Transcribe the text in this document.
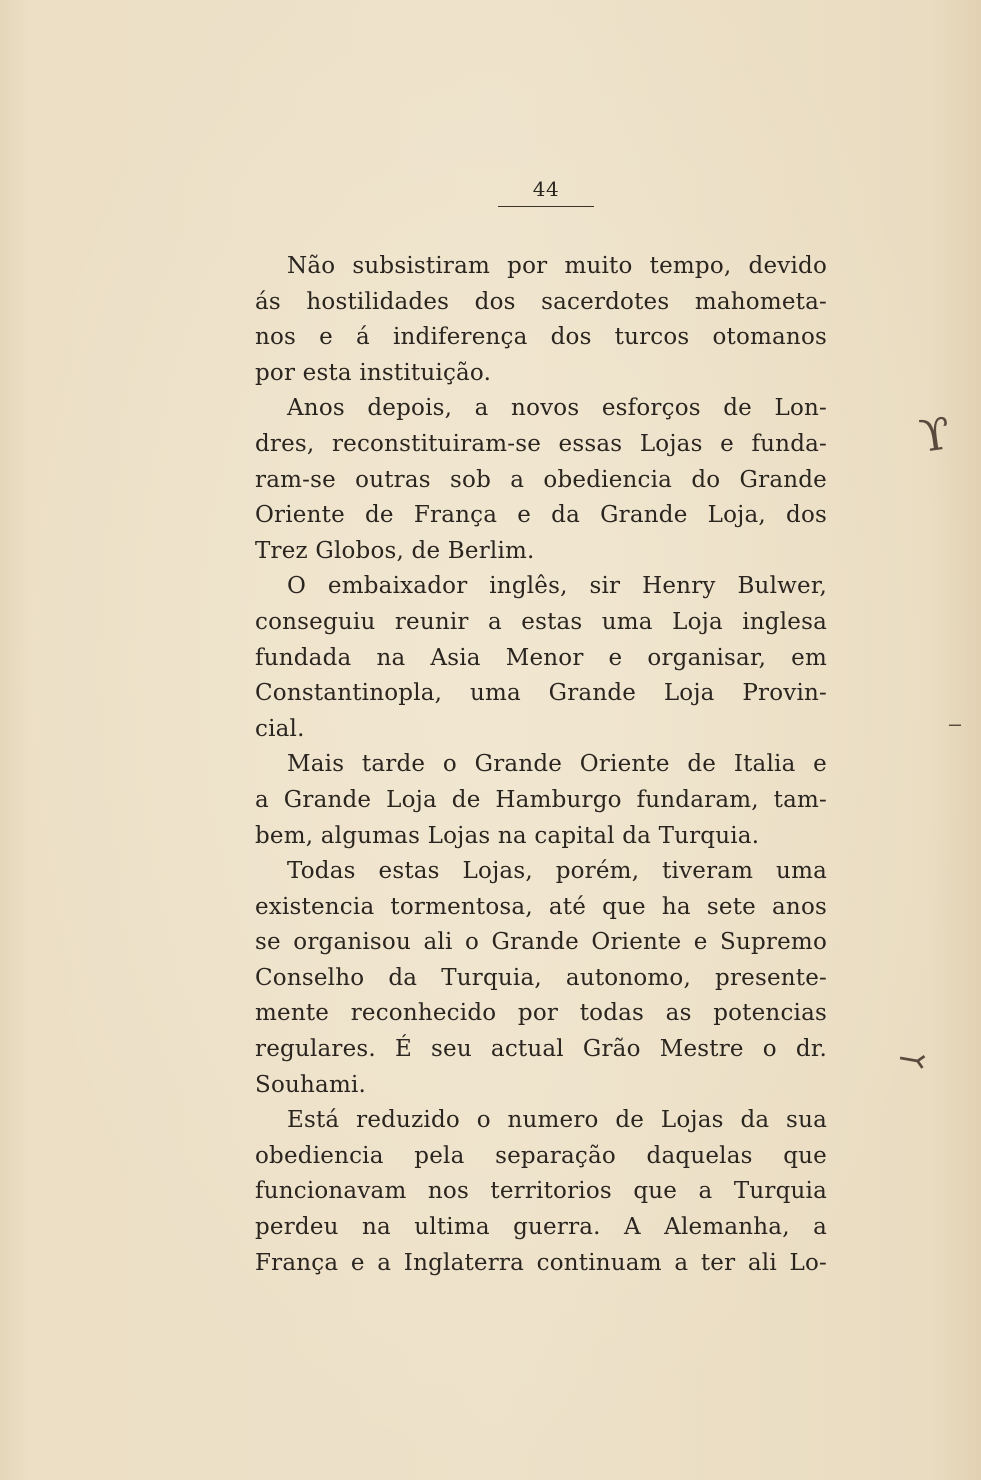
44
Não subsistiram por muito tempo, devido
ás hostilidades dos sacerdotes mahometa-
nos e á indiferença dos turcos otomanos
por esta instituição.
Anos depois, a novos esforços de Lon-
dres, reconstituiram-se essas Lojas e funda-
ram-se outras sob a obediencia do Grande
Oriente de França e da Grande Loja, dos
Trez Globos, de Berlim.
O embaixador inglês, sir Henry Bulwer,
conseguiu reunir a estas uma Loja inglesa
fundada na Asia Menor e organisar, em
Constantinopla, uma Grande Loja Provin-
cial.
Mais tarde o Grande Oriente de Italia e
a Grande Loja de Hamburgo fundaram, tam-
bem, algumas Lojas na capital da Turquia.
Todas estas Lojas, porém, tiveram uma
existencia tormentosa, até que ha sete anos
se organisou ali o Grande Oriente e Supremo
Conselho da Turquia, autonomo, presente-
mente reconhecido por todas as potencias
regulares. É seu actual Grão Mestre o dr.
Souhami.
Está reduzido o numero de Lojas da sua
obediencia pela separação daquelas que
funcionavam nos territorios que a Turquia
perdeu na ultima guerra. A Alemanha, a
França e a Inglaterra continuam a ter ali Lo-
ϒ
‒
⤙
